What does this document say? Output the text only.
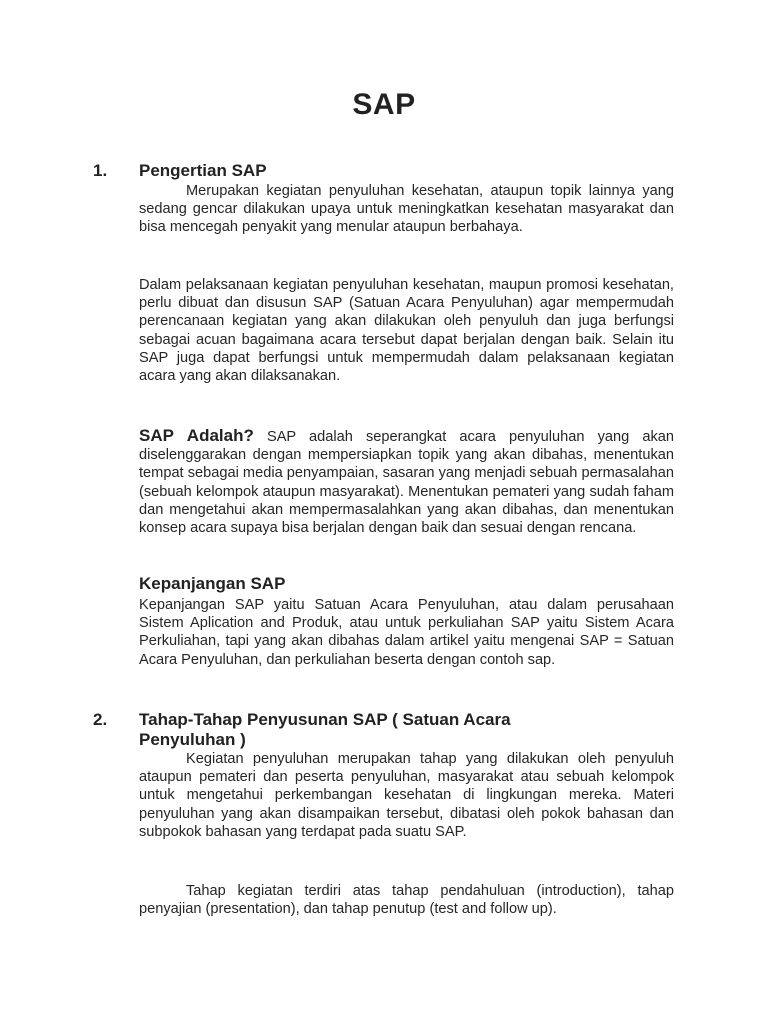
SAP
1. Pengertian SAP
Merupakan kegiatan penyuluhan kesehatan, ataupun topik lainnya yang sedang gencar dilakukan upaya untuk meningkatkan kesehatan masyarakat dan bisa mencegah penyakit yang menular ataupun berbahaya.
Dalam pelaksanaan kegiatan penyuluhan kesehatan, maupun promosi kesehatan, perlu dibuat dan disusun SAP (Satuan Acara Penyuluhan) agar mempermudah perencanaan kegiatan yang akan dilakukan oleh penyuluh dan juga berfungsi sebagai acuan bagaimana acara tersebut dapat berjalan dengan baik. Selain itu SAP juga dapat berfungsi untuk mempermudah dalam pelaksanaan kegiatan acara yang akan dilaksanakan.
SAP Adalah? SAP adalah seperangkat acara penyuluhan yang akan diselenggarakan dengan mempersiapkan topik yang akan dibahas, menentukan tempat sebagai media penyampaian, sasaran yang menjadi sebuah permasalahan (sebuah kelompok ataupun masyarakat). Menentukan pemateri yang sudah faham dan mengetahui akan mempermasalahkan yang akan dibahas, dan menentukan konsep acara supaya bisa berjalan dengan baik dan sesuai dengan rencana.
Kepanjangan SAP
Kepanjangan SAP yaitu Satuan Acara Penyuluhan, atau dalam perusahaan Sistem Aplication and Produk, atau untuk perkuliahan SAP yaitu Sistem Acara Perkuliahan, tapi yang akan dibahas dalam artikel yaitu mengenai SAP = Satuan Acara Penyuluhan, dan perkuliahan beserta dengan contoh sap.
2. Tahap-Tahap Penyusunan SAP ( Satuan Acara Penyuluhan )
Kegiatan penyuluhan merupakan tahap yang dilakukan oleh penyuluh ataupun pemateri dan peserta penyuluhan, masyarakat atau sebuah kelompok untuk mengetahui perkembangan kesehatan di lingkungan mereka. Materi penyuluhan yang akan disampaikan tersebut, dibatasi oleh pokok bahasan dan subpokok bahasan yang terdapat pada suatu SAP.
Tahap kegiatan terdiri atas tahap pendahuluan (introduction), tahap penyajian (presentation), dan tahap penutup (test and follow up).
